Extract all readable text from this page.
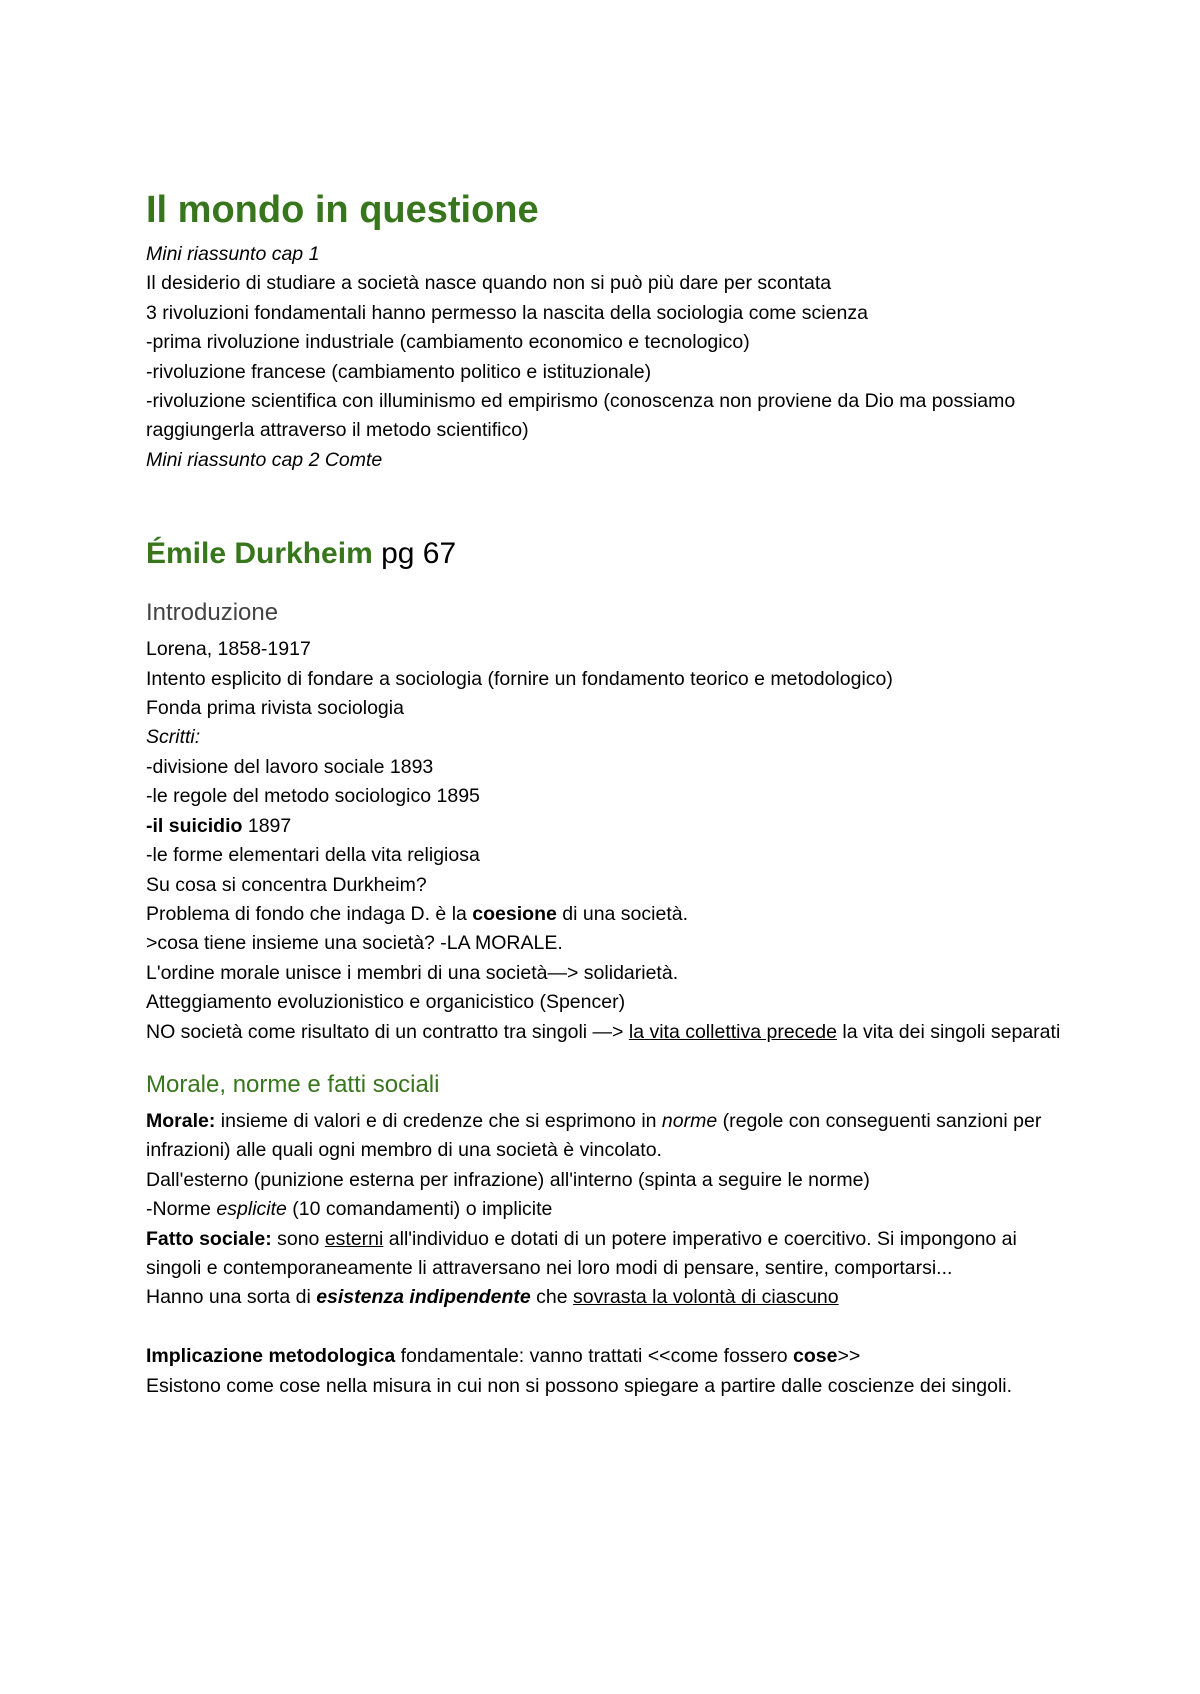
Il mondo in questione

Mini riassunto cap 1

Il desiderio di studiare a società nasce quando non si può più dare per scontata

3 rivoluzioni fondamentali hanno permesso la nascita della sociologia come scienza

-prima rivoluzione industriale (cambiamento economico e tecnologico)

-rivoluzione francese (cambiamento politico e istituzionale)

-rivoluzione scientifica con illuminismo ed empirismo (conoscenza non proviene da Dio ma possiamo raggiungerla attraverso il metodo scientifico)

Mini riassunto cap 2 Comte

Émile Durkheim pg 67
Introduzione

Lorena, 1858-1917

Intento esplicito di fondare a sociologia (fornire un fondamento teorico e metodologico)

Fonda prima rivista sociologia

Scritti:

-divisione del lavoro sociale 1893

-le regole del metodo sociologico 1895

-il suicidio 1897

-le forme elementari della vita religiosa

Su cosa si concentra Durkheim?

Problema di fondo che indaga D. è la coesione di una società.

>cosa tiene insieme una società? -LA MORALE.

L'ordine morale unisce i membri di una società—> solidarietà.

Atteggiamento evoluzionistico e organicistico (Spencer)

NO società come risultato di un contratto tra singoli —> la vita collettiva precede la vita dei singoli separati

Morale, norme e fatti sociali

Morale: insieme di valori e di credenze che si esprimono in norme (regole con conseguenti sanzioni per infrazioni) alle quali ogni membro di una società è vincolato.

Dall'esterno (punizione esterna per infrazione) all'interno (spinta a seguire le norme)

-Norme esplicite (10 comandamenti) o implicite

Fatto sociale: sono esterni all'individuo e dotati di un potere imperativo e coercitivo. Si impongono ai singoli e contemporaneamente li attraversano nei loro modi di pensare, sentire, comportarsi...

Hanno una sorta di esistenza indipendente che sovrasta la volontà di ciascuno

Implicazione metodologica fondamentale: vanno trattati <<come fossero cose>>

Esistono come cose nella misura in cui non si possono spiegare a partire dalle coscienze dei singoli.
